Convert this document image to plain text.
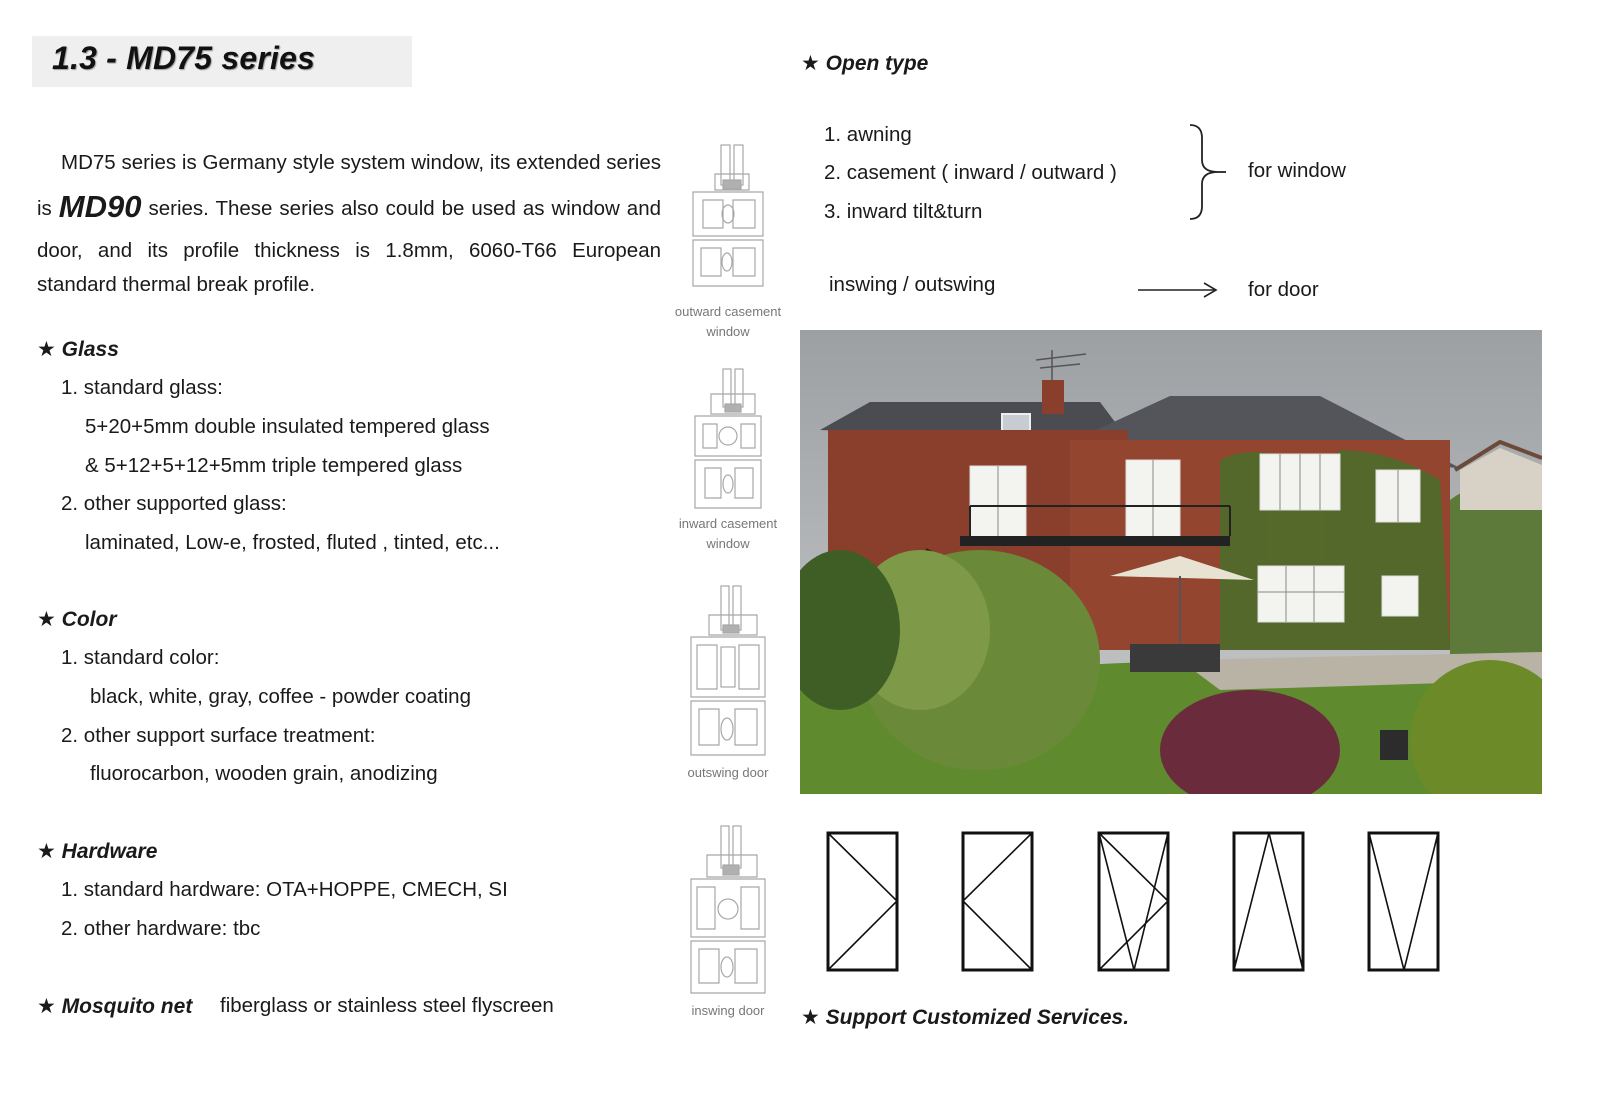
1.3 - MD75 series
MD75 series is Germany style system window, its extended series is MD90 series. These series also could be used as window and door, and its profile thickness is 1.8mm, 6060-T66 European standard thermal break profile.
★ Glass
1. standard glass:
5+20+5mm double insulated tempered glass
& 5+12+5+12+5mm triple tempered glass
2. other supported glass:
laminated, Low-e, frosted, fluted , tinted, etc...
★ Color
1. standard color:
black, white, gray, coffee - powder coating
2. other support surface treatment:
fluorocarbon, wooden grain, anodizing
★ Hardware
1. standard hardware: OTA+HOPPE, CMECH, SI
2. other hardware: tbc
★ Mosquito net fiberglass or stainless steel flyscreen
outward casement window
inward casement window
outswing door
inswing door
★ Open type
1. awning
2. casement ( inward / outward )
3. inward tilt&turn
for window
inswing / outswing	for door
★ Support Customized Services.
